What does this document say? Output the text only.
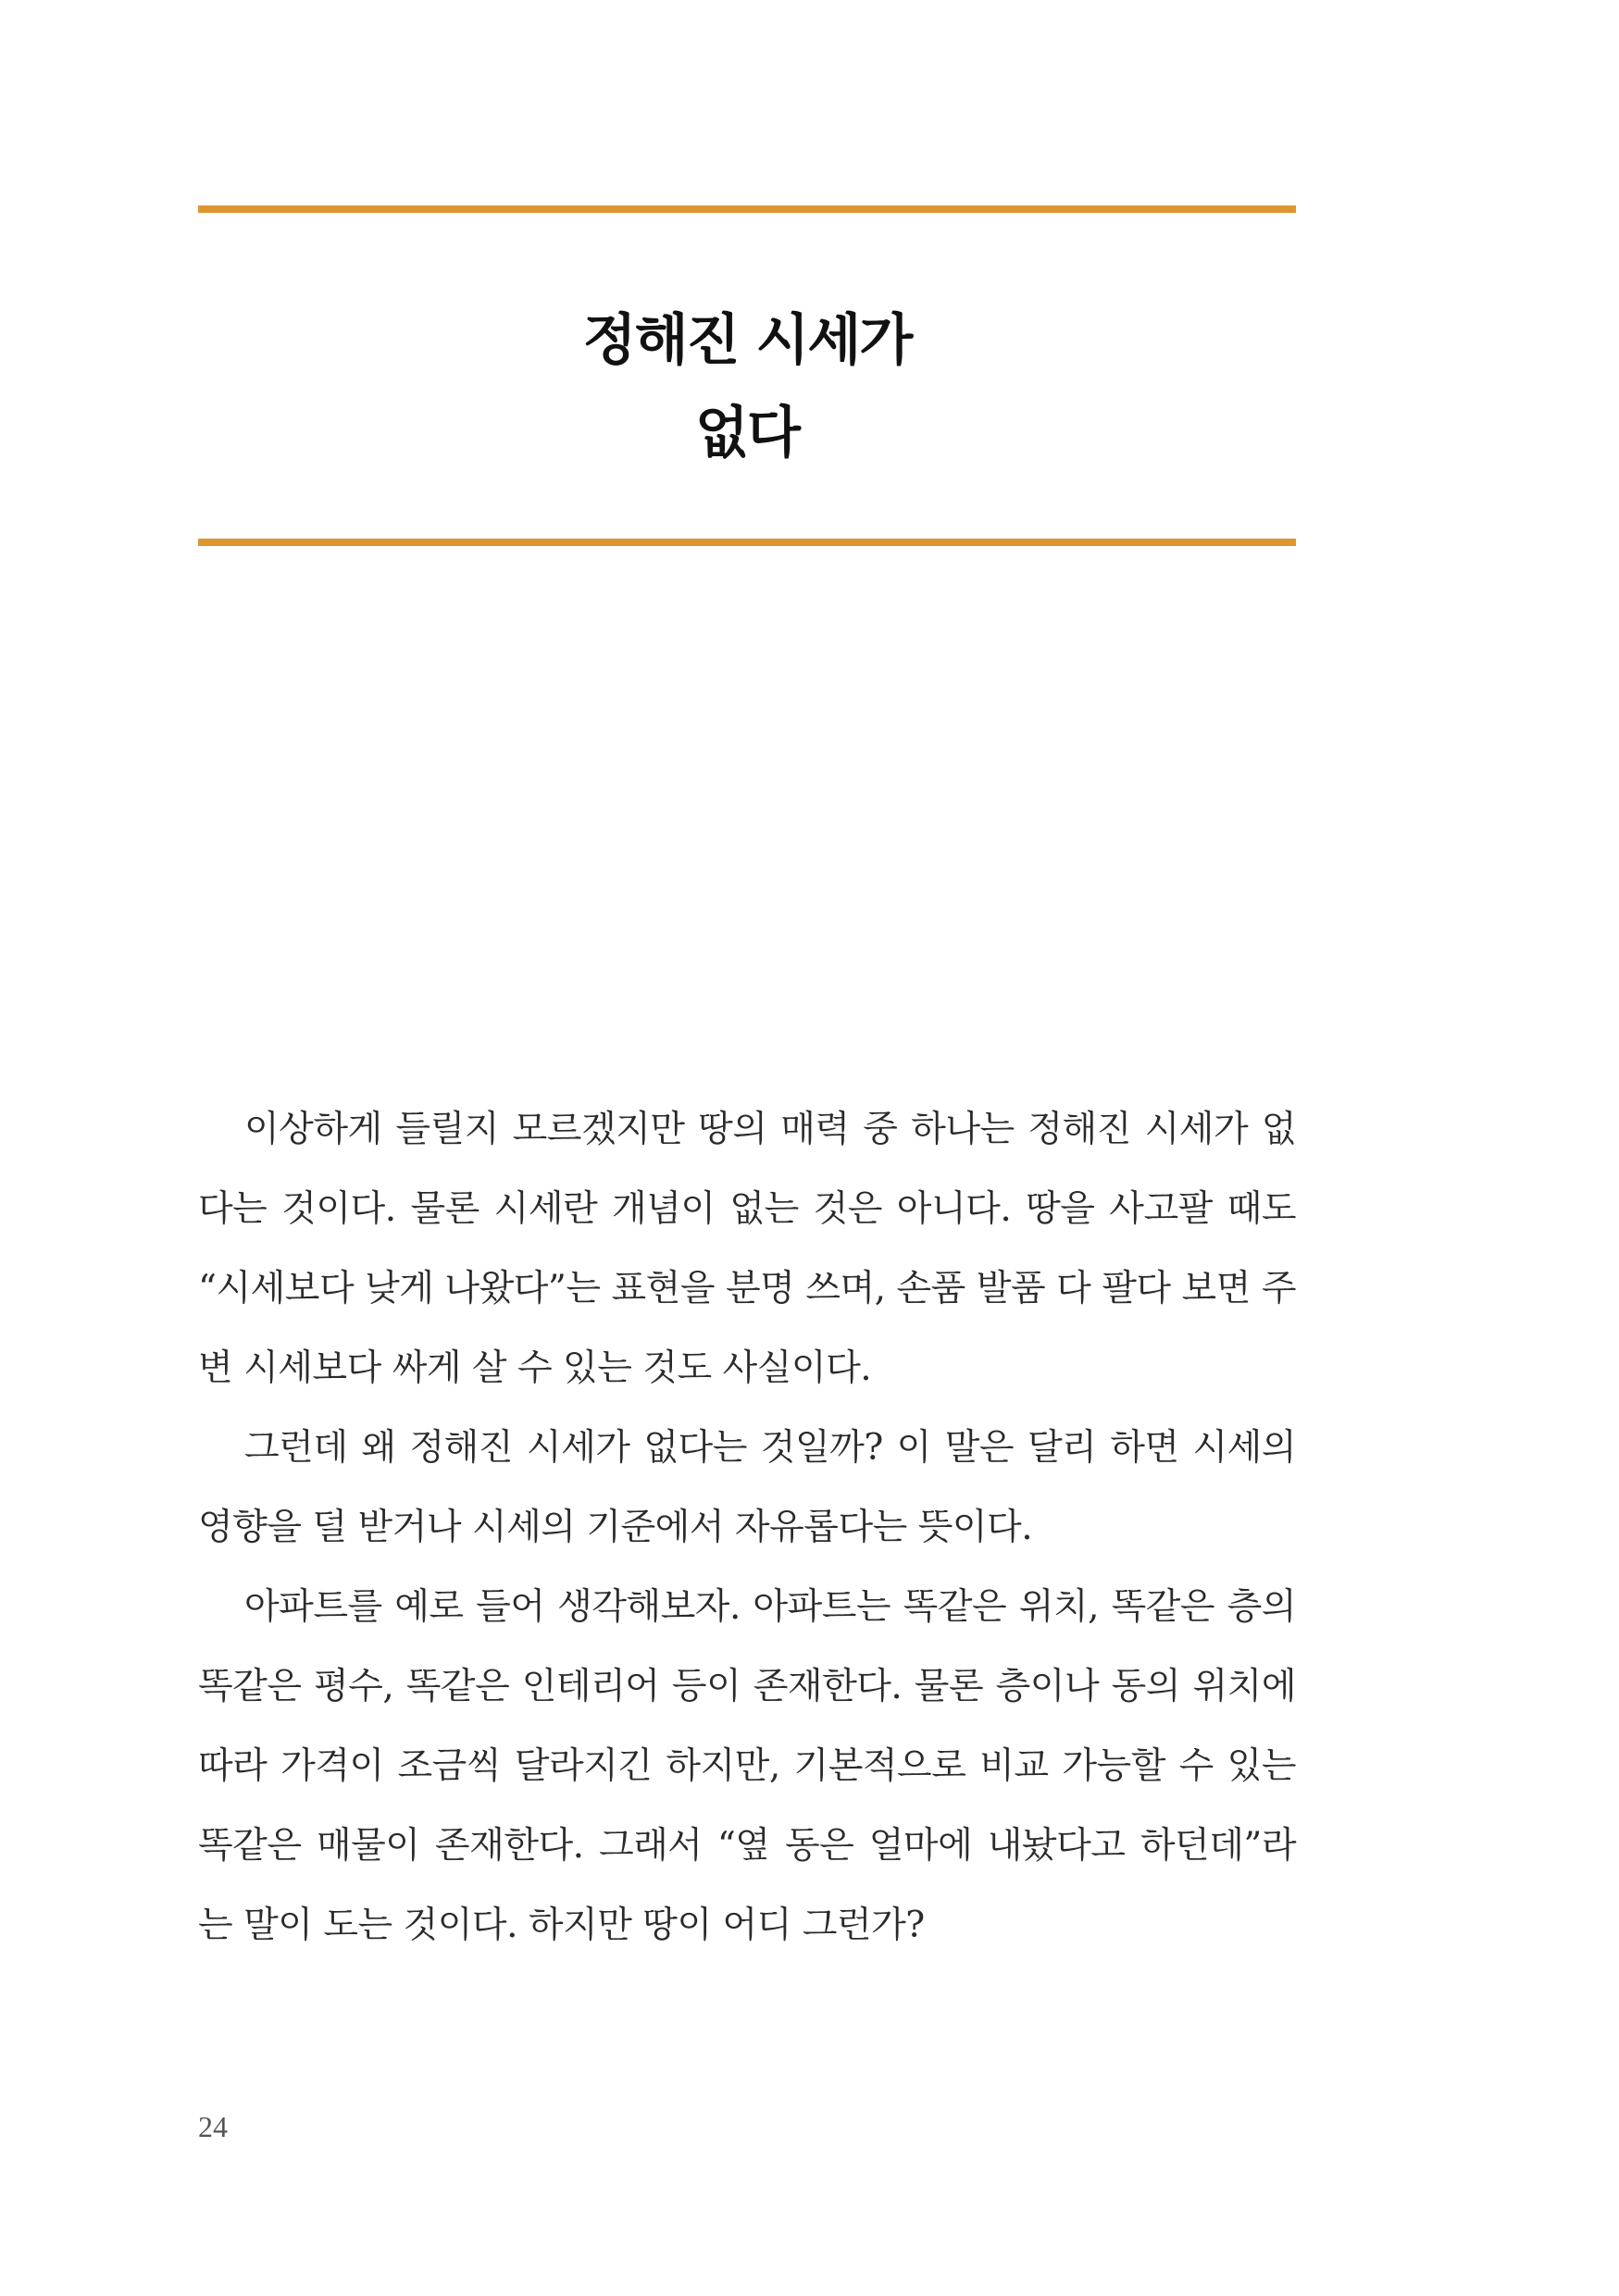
정해진 시세가
없다

이상하게 들릴지 모르겠지만 땅의 매력 중 하나는 정해진 시세가 없다는 것이다. 물론 시세란 개념이 없는 것은 아니다. 땅을 사고팔 때도 “시세보다 낮게 나왔다”는 표현을 분명 쓰며, 손품 발품 다 팔다 보면 주변 시세보다 싸게 살 수 있는 것도 사실이다.

그런데 왜 정해진 시세가 없다는 것일까? 이 말은 달리 하면 시세의 영향을 덜 받거나 시세의 기준에서 자유롭다는 뜻이다.

아파트를 예로 들어 생각해보자. 아파트는 똑같은 위치, 똑같은 층의 똑같은 평수, 똑같은 인테리어 등이 존재한다. 물론 층이나 동의 위치에 따라 가격이 조금씩 달라지긴 하지만, 기본적으로 비교 가능할 수 있는 똑같은 매물이 존재한다. 그래서 “옆 동은 얼마에 내놨다고 하던데”라는 말이 도는 것이다. 하지만 땅이 어디 그런가?

24
